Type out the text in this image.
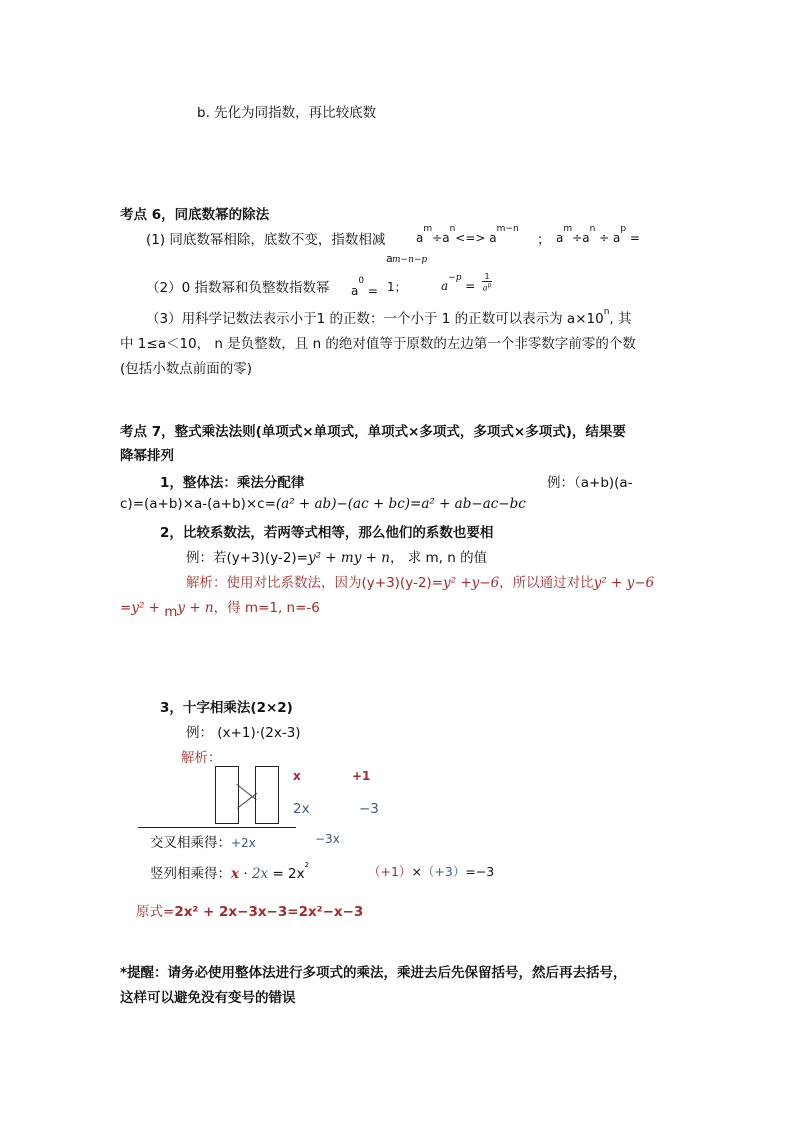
b. 先化为同指数，再比较底数
考点 6，同底数幂的除法
(1) 同底数幂相除，底数不变，指数相减	$a^m\div a^n<=> a^{m-n}$
； $a^m\div a^n \div a^p$ =
a m−n−p
（2）0 指数幂和负整数指数幂 $a^0 = 1$；	$a^{-p} = \frac{1}{a^p}$
（3）用科学记数法表示小于1 的正数：一个小于 1 的正数可以表示为 $a\times 10^n$, 其
中 1≤a＜10， n 是负整数，且 n 的绝对值等于原数的左边第一个非零数字前零的个数
(包括小数点前面的零)
考点 7，整式乘法法则(单项式×单项式，单项式×多项式，多项式×多项式)，结果要
降幂排列
1，整体法：乘法分配律	例：（a+b)(a-
c)=(a+b)×a-(a+b)×c=(a² + ab)−(ac + bc)=a² + ab−ac−bc
2，比较系数法，若两等式相等，那么他们的系数也要相
例：若(y+3)(y-2)=y² + my + n， 求 m, n 的值
解析：使用对比系数法，因为(y+3)(y-2)=y² +y−6，所以通过对比y² + y−6
=y² + my + n，得 m=1, n=-6
3，十字相乘法(2×2)
例： (x+1)·(2x-3)
解析：
x	+1
2x	−3
交叉相乘得：+2x	−3x
竖列相乘得：$x \cdot 2x = 2x^2$	（+1）×（+3）=−3
原式=2x² + 2x−3x−3=2x²−x−3
*提醒：请务必使用整体法进行多项式的乘法，乘进去后先保留括号，然后再去括号，
这样可以避免没有变号的错误
